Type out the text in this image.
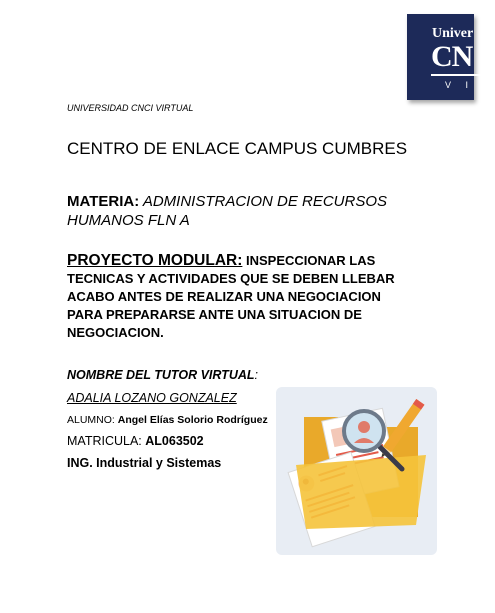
Univer
CN
V I R
UNIVERSIDAD CNCI VIRTUAL
CENTRO DE ENLACE CAMPUS CUMBRES
MATERIA: ADMINISTRACION DE RECURSOS HUMANOS FLN A
PROYECTO MODULAR: INSPECCIONAR LAS TECNICAS Y ACTIVIDADES QUE SE DEBEN LLEBAR ACABO ANTES DE REALIZAR UNA NEGOCIACION PARA PREPARARSE ANTE UNA SITUACION DE NEGOCIACION.
NOMBRE DEL TUTOR VIRTUAL:
ADALIA LOZANO GONZALEZ
ALUMNO: Angel Elías Solorio Rodríguez
MATRICULA: AL063502
ING. Industrial y Sistemas
